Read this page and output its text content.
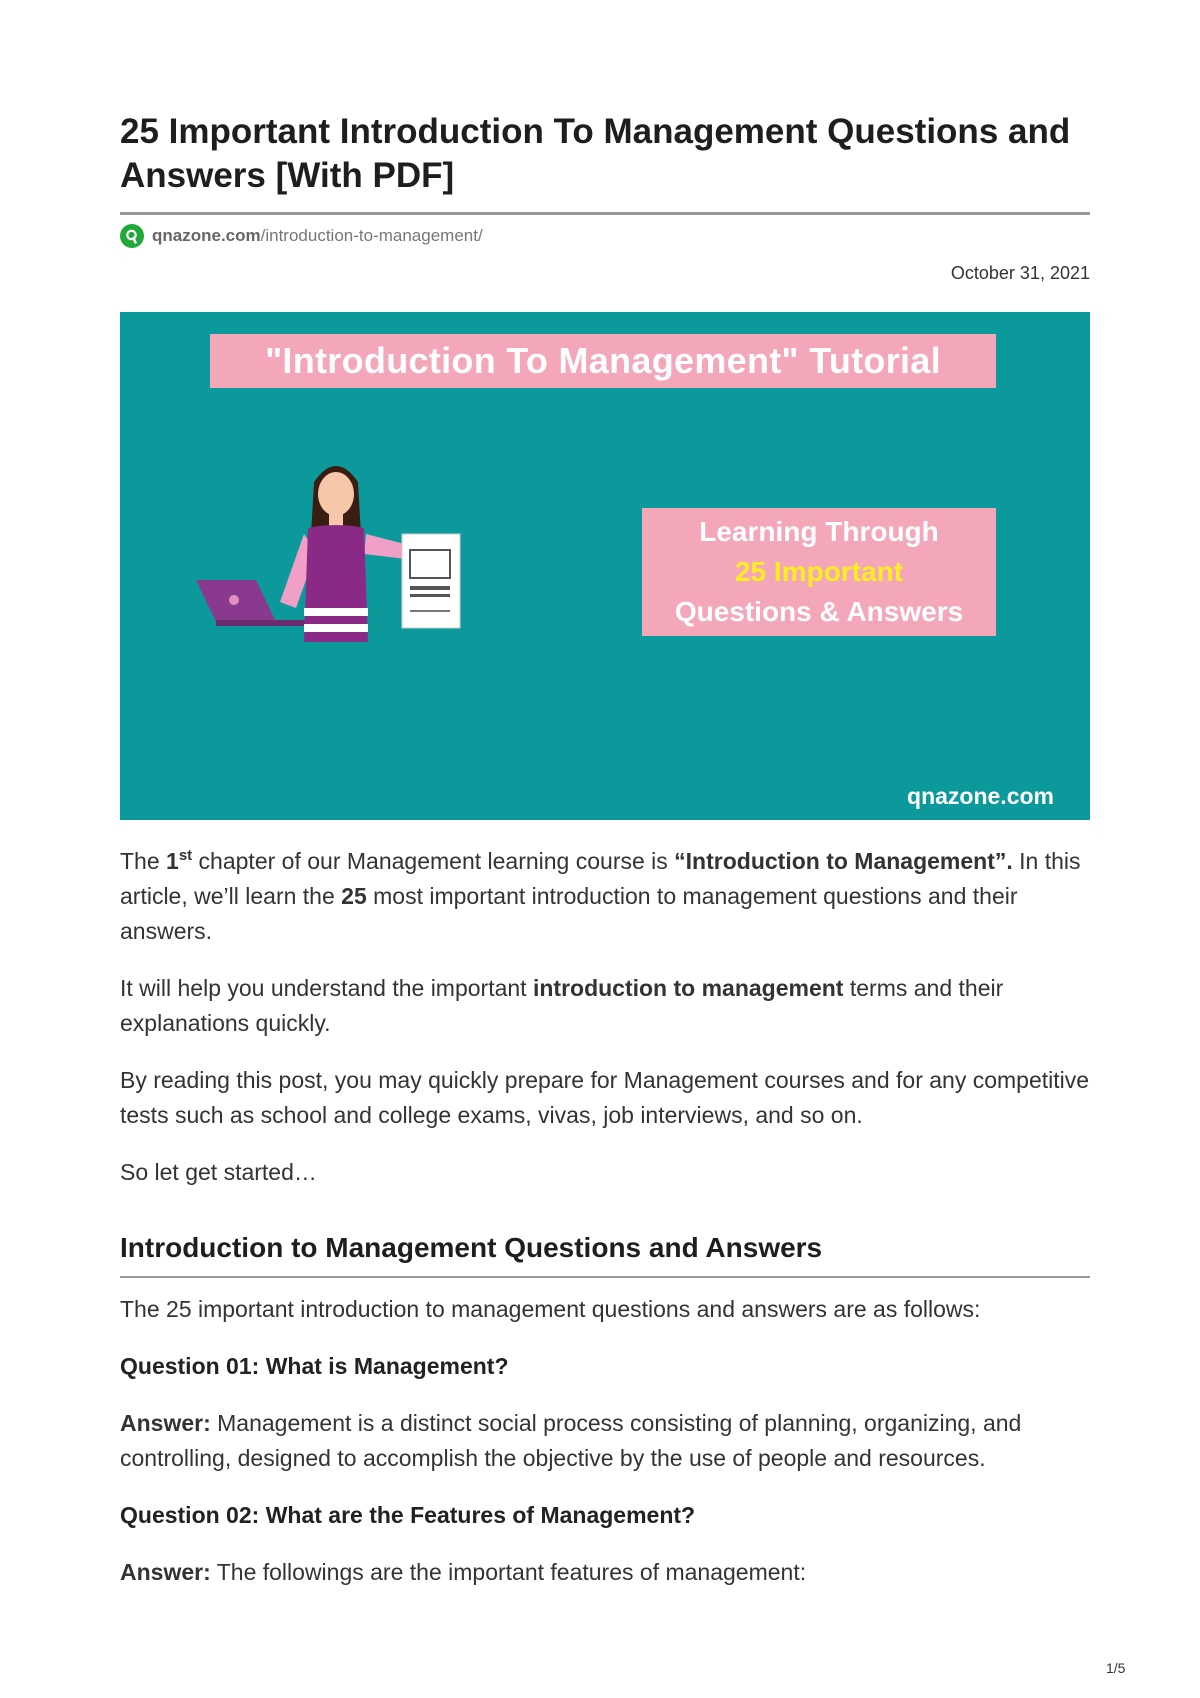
25 Important Introduction To Management Questions and Answers [With PDF]
qnazone.com /introduction-to-management/
October 31, 2021
"Introduction To Management" Tutorial
Learning Through
25 Important
Questions & Answers
qnazone.com

The 1st chapter of our Management learning course is “Introduction to Management”. In this article, we’ll learn the 25 most important introduction to management questions and their answers.

It will help you understand the important introduction to management terms and their explanations quickly.

By reading this post, you may quickly prepare for Management courses and for any competitive tests such as school and college exams, vivas, job interviews, and so on.

So let get started…

Introduction to Management Questions and Answers

The 25 important introduction to management questions and answers are as follows:

Question 01: What is Management?

Answer: Management is a distinct social process consisting of planning, organizing, and controlling, designed to accomplish the objective by the use of people and resources.

Question 02: What are the Features of Management?

Answer: The followings are the important features of management:

1/5
